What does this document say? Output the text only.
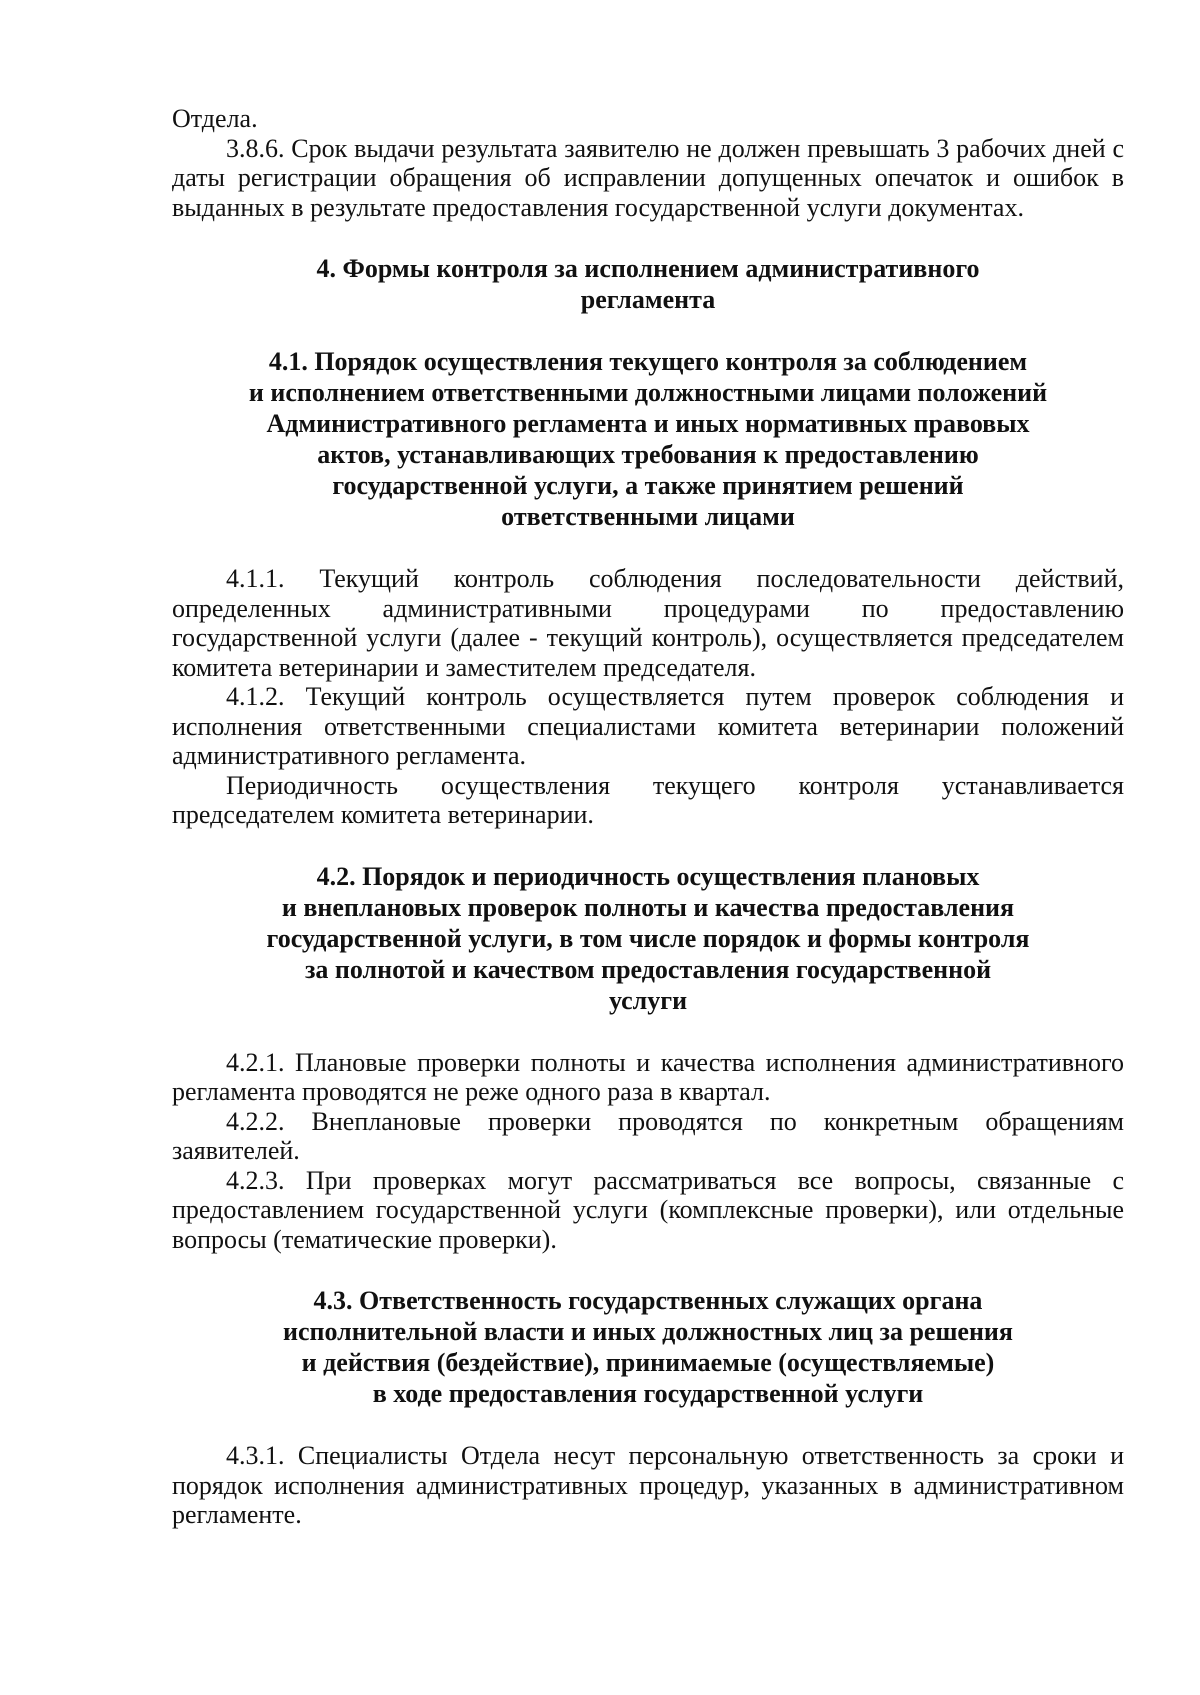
Отдела.

3.8.6. Срок выдачи результата заявителю не должен превышать 3 рабочих дней с даты регистрации обращения об исправлении допущенных опечаток и ошибок в выданных в результате предоставления государственной услуги документах.

4. Формы контроля за исполнением административного
регламента
4.1. Порядок осуществления текущего контроля за соблюдением
и исполнением ответственными должностными лицами положений
Административного регламента и иных нормативных правовых
актов, устанавливающих требования к предоставлению
государственной услуги, а также принятием решений
ответственными лицами

4.1.1. Текущий контроль соблюдения последовательности действий, определенных административными процедурами по предоставлению государственной услуги (далее - текущий контроль), осуществляется председателем комитета ветеринарии и заместителем председателя.

4.1.2. Текущий контроль осуществляется путем проверок соблюдения и исполнения ответственными специалистами комитета ветеринарии положений административного регламента.

Периодичность осуществления текущего контроля устанавливается председателем комитета ветеринарии.

4.2. Порядок и периодичность осуществления плановых
и внеплановых проверок полноты и качества предоставления
государственной услуги, в том числе порядок и формы контроля
за полнотой и качеством предоставления государственной
услуги

4.2.1. Плановые проверки полноты и качества исполнения административного регламента проводятся не реже одного раза в квартал.

4.2.2. Внеплановые проверки проводятся по конкретным обращениям заявителей.

4.2.3. При проверках могут рассматриваться все вопросы, связанные с предоставлением государственной услуги (комплексные проверки), или отдельные вопросы (тематические проверки).

4.3. Ответственность государственных служащих органа
исполнительной власти и иных должностных лиц за решения
и действия (бездействие), принимаемые (осуществляемые)
в ходе предоставления государственной услуги

4.3.1. Специалисты Отдела несут персональную ответственность за сроки и порядок исполнения административных процедур, указанных в административном регламенте.
